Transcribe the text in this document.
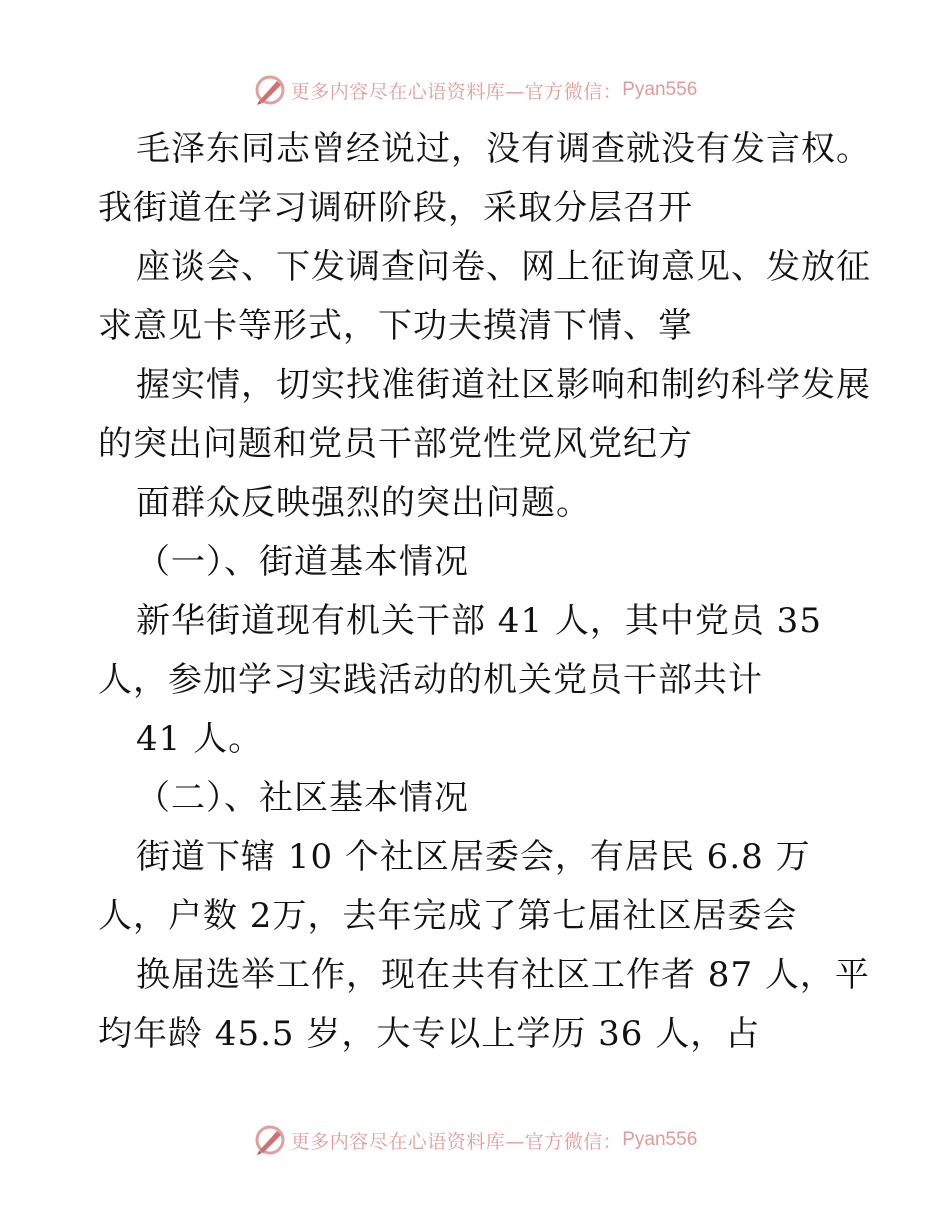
更多内容尽在心语资料库—官方微信： Pyan556
毛泽东同志曾经说过，没有调查就没有发言权。
我街道在学习调研阶段，采取分层召开
座谈会、下发调查问卷、网上征询意见、发放征
求意见卡等形式，下功夫摸清下情、掌
握实情，切实找准街道社区影响和制约科学发展
的突出问题和党员干部党性党风党纪方
面群众反映强烈的突出问题。
（一）、街道基本情况
新华街道现有机关干部 41 人，其中党员 35
人，参加学习实践活动的机关党员干部共计
41 人。
（二）、社区基本情况
街道下辖 10 个社区居委会，有居民 6.8 万
人，户数 2万，去年完成了第七届社区居委会
换届选举工作，现在共有社区工作者 87 人，平
均年龄 45.5 岁，大专以上学历 36 人，占
更多内容尽在心语资料库—官方微信： Pyan556
